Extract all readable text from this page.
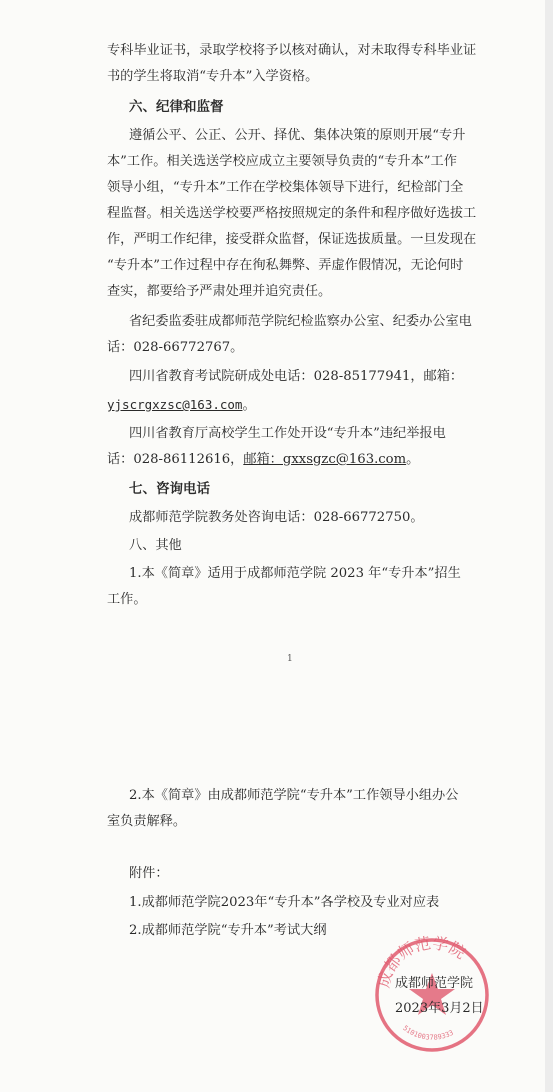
专科毕业证书，录取学校将予以核对确认，对未取得专科毕业证
书的学生将取消“专升本”入学资格。
六、纪律和监督
遵循公平、公正、公开、择优、集体决策的原则开展“专升
本”工作。相关选送学校应成立主要领导负责的“专升本”工作
领导小组，“专升本”工作在学校集体领导下进行，纪检部门全
程监督。相关选送学校要严格按照规定的条件和程序做好选拔工
作，严明工作纪律，接受群众监督，保证选拔质量。一旦发现在
“专升本”工作过程中存在徇私舞弊、弄虚作假情况，无论何时
查实，都要给予严肃处理并追究责任。
省纪委监委驻成都师范学院纪检监察办公室、纪委办公室电
话：028-66772767。
四川省教育考试院研成处电话：028-85177941，邮箱：
yjscrgxzsc@163.com。
四川省教育厅高校学生工作处开设“专升本”违纪举报电
话：028-86112616，邮箱：gxxsgzc@163.com。
七、咨询电话
成都师范学院教务处咨询电话：028-66772750。
八、其他
1.本《简章》适用于成都师范学院 2023 年“专升本”招生
工作。
2.本《简章》由成都师范学院“专升本”工作领导小组办公
室负责解释。
附件：
1.成都师范学院2023年“专升本”各学校及专业对应表
2.成都师范学院“专升本”考试大纲
1
成都师范学院
5101003789333
成都师范学院
2023年3月2日
